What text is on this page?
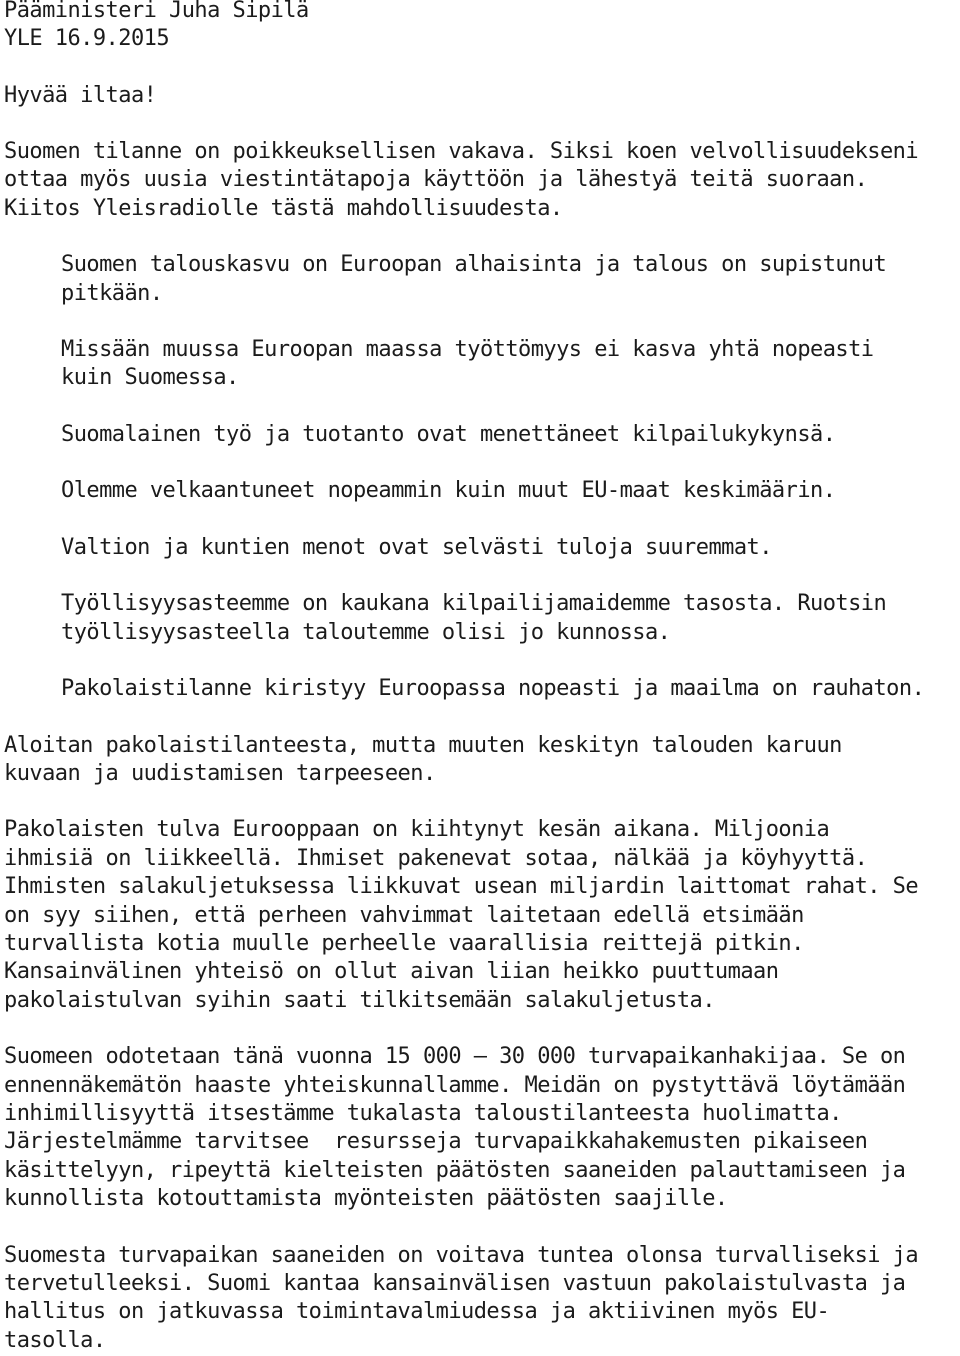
Pääministeri Juha Sipilä
YLE 16.9.2015
Hyvää iltaa!
Suomen tilanne on poikkeuksellisen vakava. Siksi koen velvollisuudekseni
ottaa myös uusia viestintätapoja käyttöön ja lähestyä teitä suoraan.
Kiitos Yleisradiolle tästä mahdollisuudesta.
Suomen talouskasvu on Euroopan alhaisinta ja talous on supistunut
pitkään.
Missään muussa Euroopan maassa työttömyys ei kasva yhtä nopeasti
kuin Suomessa.
Suomalainen työ ja tuotanto ovat menettäneet kilpailukykynsä.
Olemme velkaantuneet nopeammin kuin muut EU-maat keskimäärin.
Valtion ja kuntien menot ovat selvästi tuloja suuremmat.
Työllisyysasteemme on kaukana kilpailijamaidemme tasosta. Ruotsin
työllisyysasteella taloutemme olisi jo kunnossa.
Pakolaistilanne kiristyy Euroopassa nopeasti ja maailma on rauhaton.
Aloitan pakolaistilanteesta, mutta muuten keskityn talouden karuun
kuvaan ja uudistamisen tarpeeseen.
Pakolaisten tulva Eurooppaan on kiihtynyt kesän aikana. Miljoonia
ihmisiä on liikkeellä. Ihmiset pakenevat sotaa, nälkää ja köyhyyttä.
Ihmisten salakuljetuksessa liikkuvat usean miljardin laittomat rahat. Se
on syy siihen, että perheen vahvimmat laitetaan edellä etsimään
turvallista kotia muulle perheelle vaarallisia reittejä pitkin.
Kansainvälinen yhteisö on ollut aivan liian heikko puuttumaan
pakolaistulvan syihin saati tilkitsemään salakuljetusta.
Suomeen odotetaan tänä vuonna 15 000 – 30 000 turvapaikanhakijaa. Se on
ennennäkemätön haaste yhteiskunnallamme. Meidän on pystyttävä löytämään
inhimillisyyttä itsestämme tukalasta taloustilanteesta huolimatta.
Järjestelmämme tarvitsee  resursseja turvapaikkahakemusten pikaiseen
käsittelyyn, ripeyttä kielteisten päätösten saaneiden palauttamiseen ja
kunnollista kotouttamista myönteisten päätösten saajille.
Suomesta turvapaikan saaneiden on voitava tuntea olonsa turvalliseksi ja
tervetulleeksi. Suomi kantaa kansainvälisen vastuun pakolaistulvasta ja
hallitus on jatkuvassa toimintavalmiudessa ja aktiivinen myös EU-
tasolla.
